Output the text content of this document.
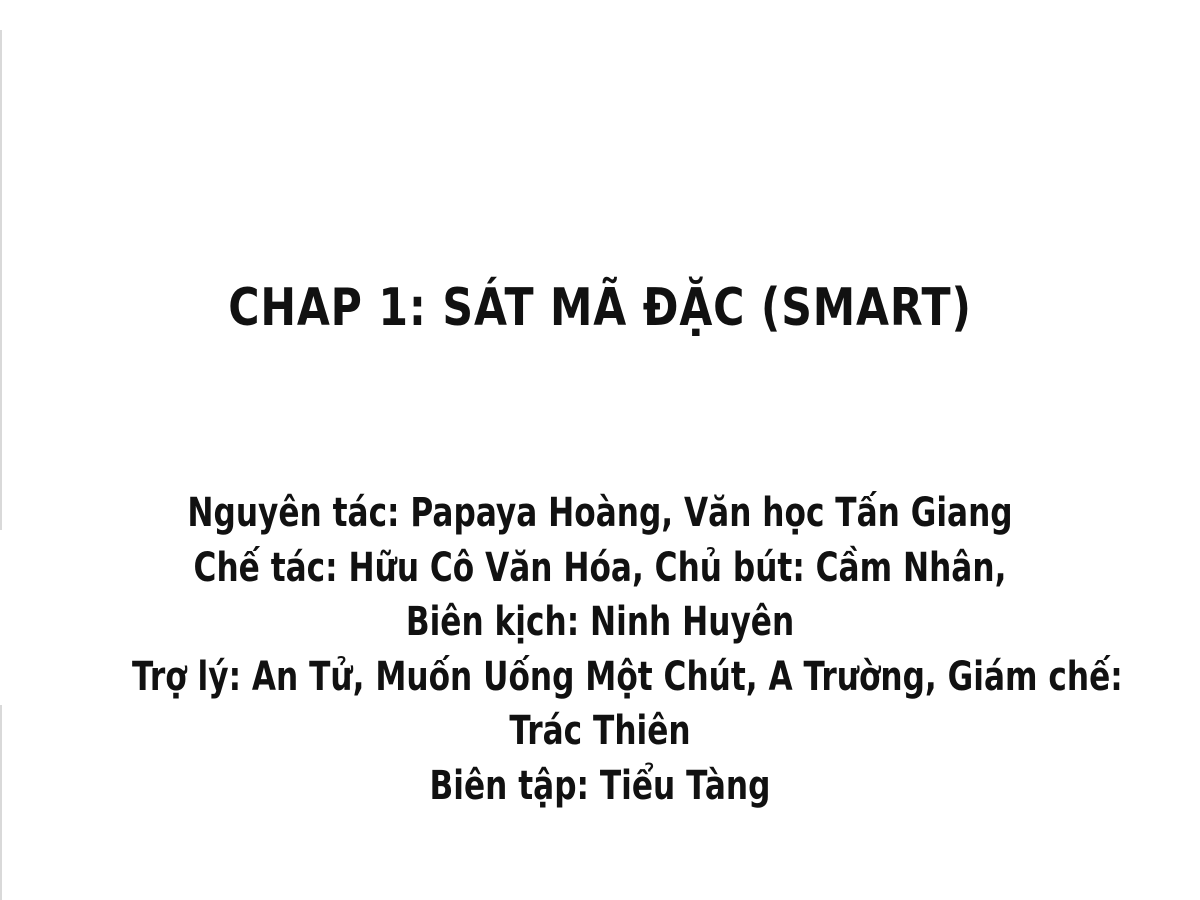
CHAP 1: SÁT MÃ ĐẶC (SMART)
Nguyên tác: Papaya Hoàng, Văn học Tấn Giang
Chế tác: Hữu Cô Văn Hóa, Chủ bút: Cầm Nhân,
Biên kịch: Ninh Huyên
Trợ lý: An Tử, Muốn Uống Một Chút, A Trường, Giám chế:
Trác Thiên
Biên tập: Tiểu Tàng
